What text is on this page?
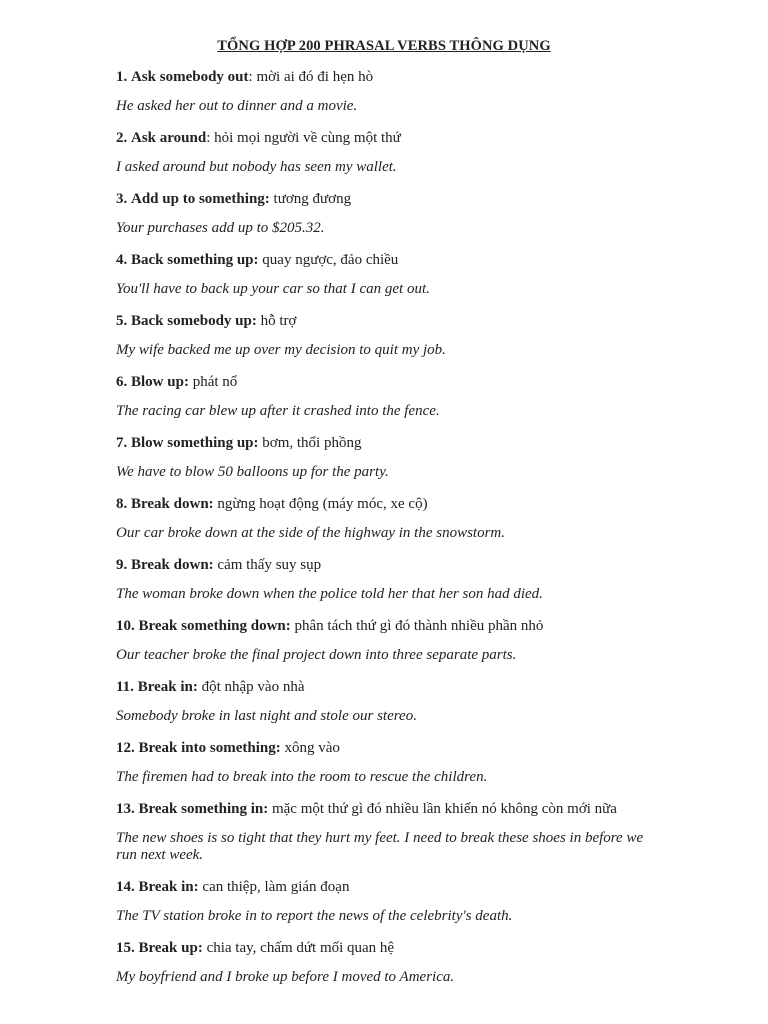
TỔNG HỢP 200 PHRASAL VERBS THÔNG DỤNG

1. Ask somebody out: mời ai đó đi hẹn hò

He asked her out to dinner and a movie.

2. Ask around: hỏi mọi người về cùng một thứ

I asked around but nobody has seen my wallet.

3. Add up to something: tương đương

Your purchases add up to $205.32.

4. Back something up: quay ngược, đảo chiều

You'll have to back up your car so that I can get out.

5. Back somebody up: hỗ trợ

My wife backed me up over my decision to quit my job.

6. Blow up: phát nổ

The racing car blew up after it crashed into the fence.

7. Blow something up: bơm, thổi phồng

We have to blow 50 balloons up for the party.

8. Break down: ngừng hoạt động (máy móc, xe cộ)

Our car broke down at the side of the highway in the snowstorm.

9. Break down: cảm thấy suy sụp

The woman broke down when the police told her that her son had died.

10. Break something down: phân tách thứ gì đó thành nhiều phần nhỏ

Our teacher broke the final project down into three separate parts.

11. Break in: đột nhập vào nhà

Somebody broke in last night and stole our stereo.

12. Break into something: xông vào

The firemen had to break into the room to rescue the children.

13. Break something in: mặc một thứ gì đó nhiều lần khiến nó không còn mới nữa

The new shoes is so tight that they hurt my feet. I need to break these shoes in before we run next week.

14. Break in: can thiệp, làm gián đoạn

The TV station broke in to report the news of the celebrity's death.

15. Break up: chia tay, chấm dứt mối quan hệ

My boyfriend and I broke up before I moved to America.
